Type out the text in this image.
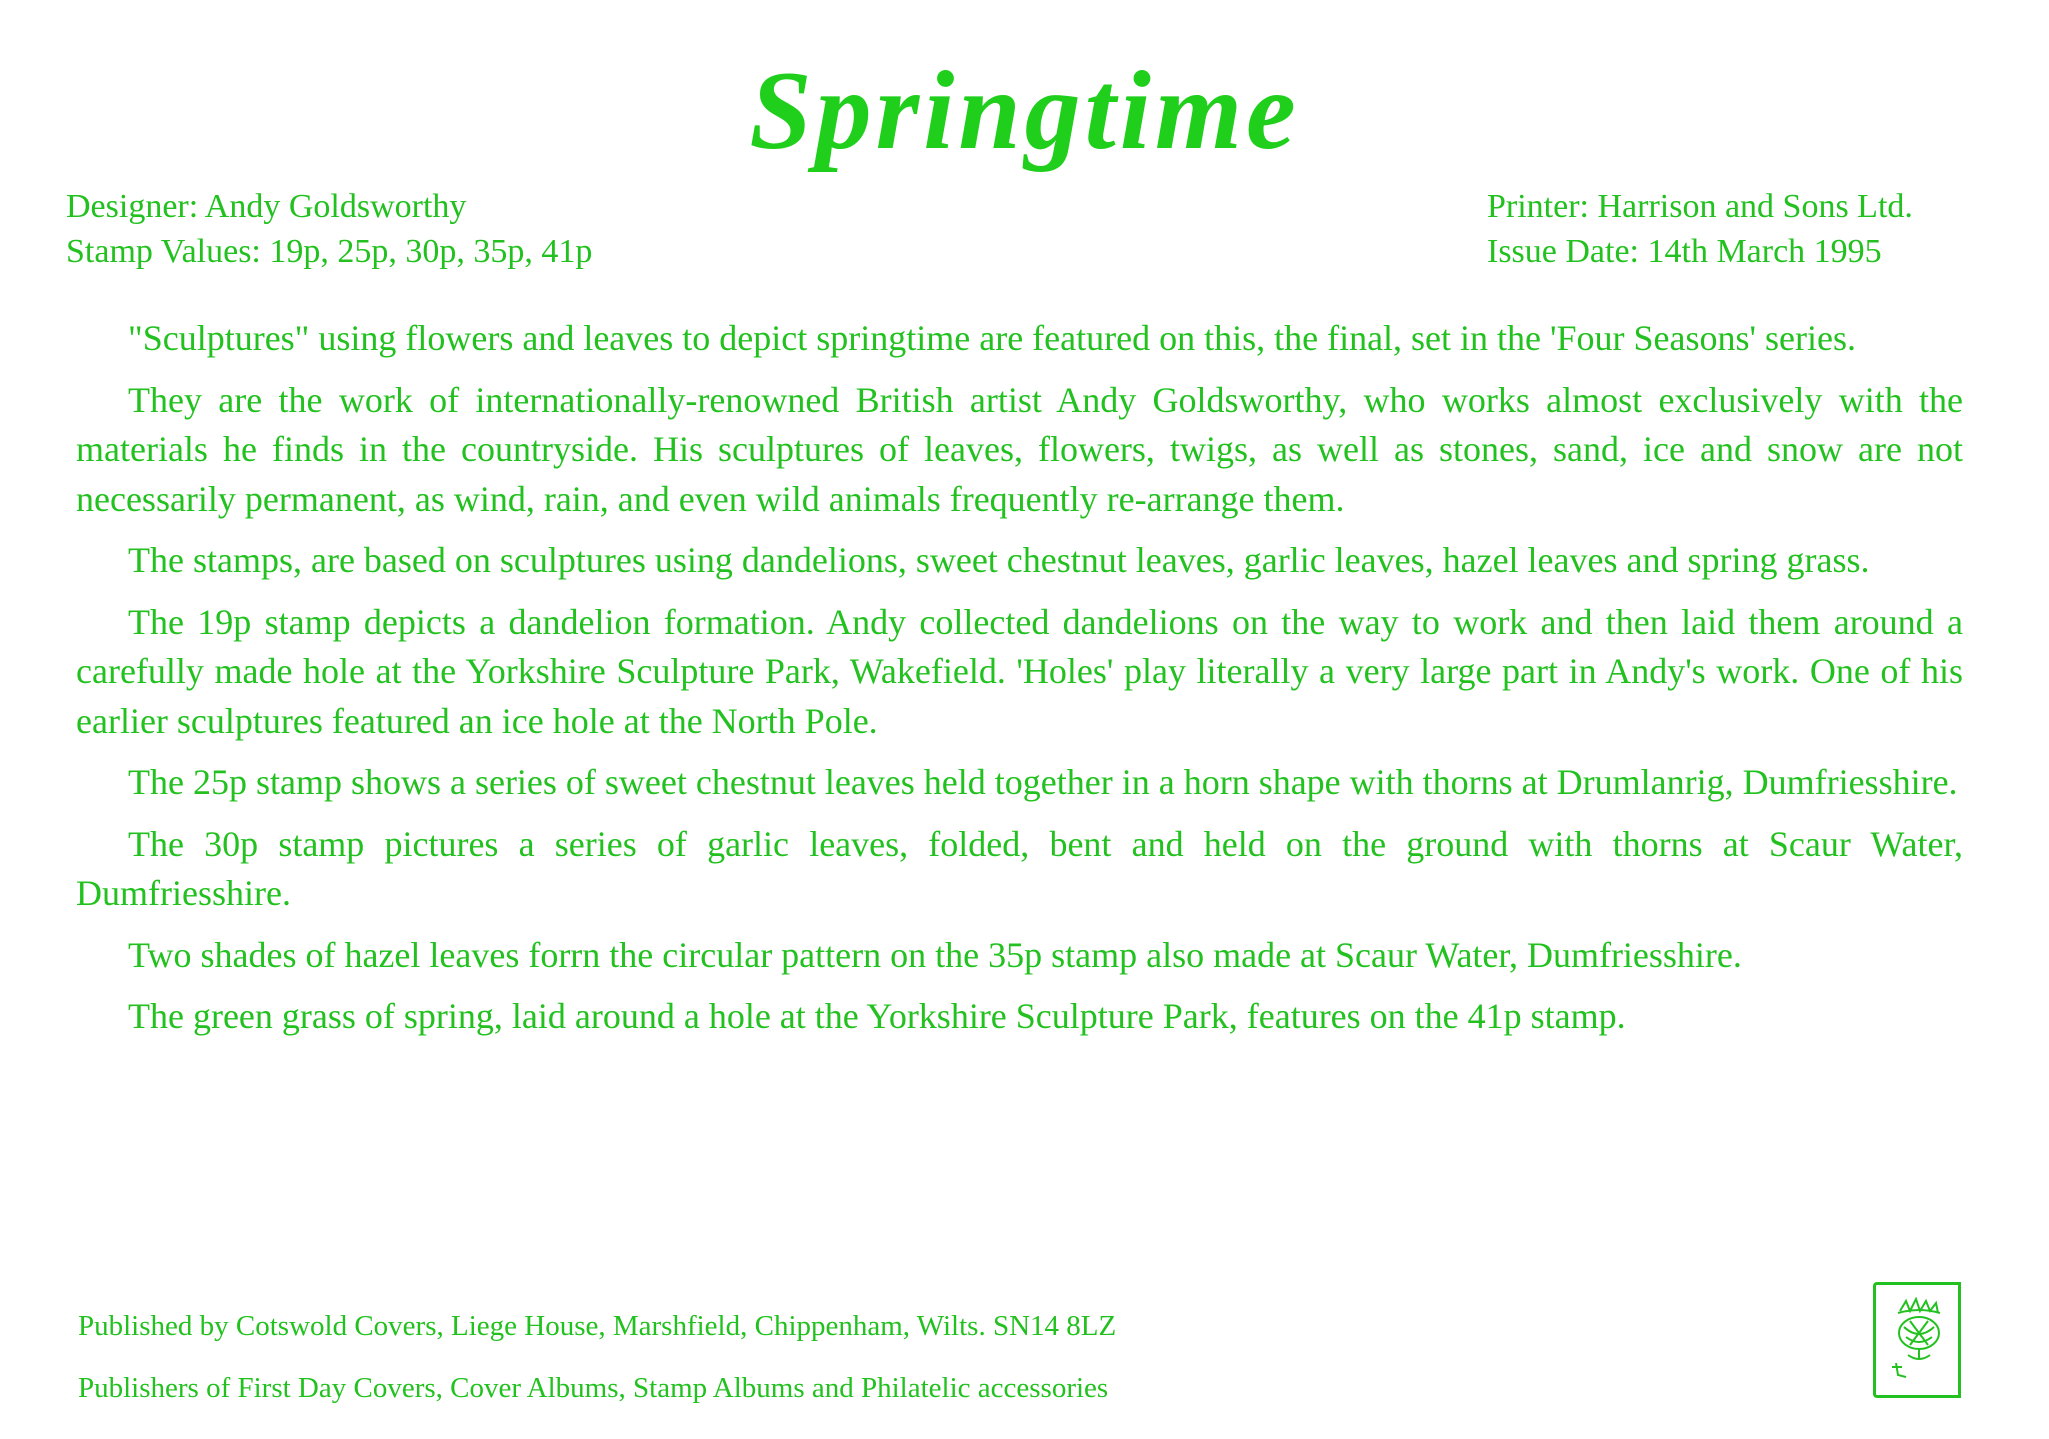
Springtime
Designer: Andy Goldsworthy
Stamp Values: 19p, 25p, 30p, 35p, 41p
Printer: Harrison and Sons Ltd.
Issue Date: 14th March 1995

"Sculptures" using flowers and leaves to depict springtime are featured on this, the final, set in the 'Four Seasons' series.

They are the work of internationally-renowned British artist Andy Goldsworthy, who works almost exclusively with the materials he finds in the countryside. His sculptures of leaves, flowers, twigs, as well as stones, sand, ice and snow are not necessarily permanent, as wind, rain, and even wild animals frequently re-arrange them.

The stamps, are based on sculptures using dandelions, sweet chestnut leaves, garlic leaves, hazel leaves and spring grass.

The 19p stamp depicts a dandelion formation. Andy collected dandelions on the way to work and then laid them around a carefully made hole at the Yorkshire Sculpture Park, Wakefield. 'Holes' play literally a very large part in Andy's work. One of his earlier sculptures featured an ice hole at the North Pole.

The 25p stamp shows a series of sweet chestnut leaves held together in a horn shape with thorns at Drumlanrig, Dumfriesshire.

The 30p stamp pictures a series of garlic leaves, folded, bent and held on the ground with thorns at Scaur Water, Dumfriesshire.

Two shades of hazel leaves forrn the circular pattern on the 35p stamp also made at Scaur Water, Dumfriesshire.

The green grass of spring, laid around a hole at the Yorkshire Sculpture Park, features on the 41p stamp.

Published by Cotswold Covers, Liege House, Marshfield, Chippenham, Wilts. SN14 8LZ
Publishers of First Day Covers, Cover Albums, Stamp Albums and Philatelic accessories
